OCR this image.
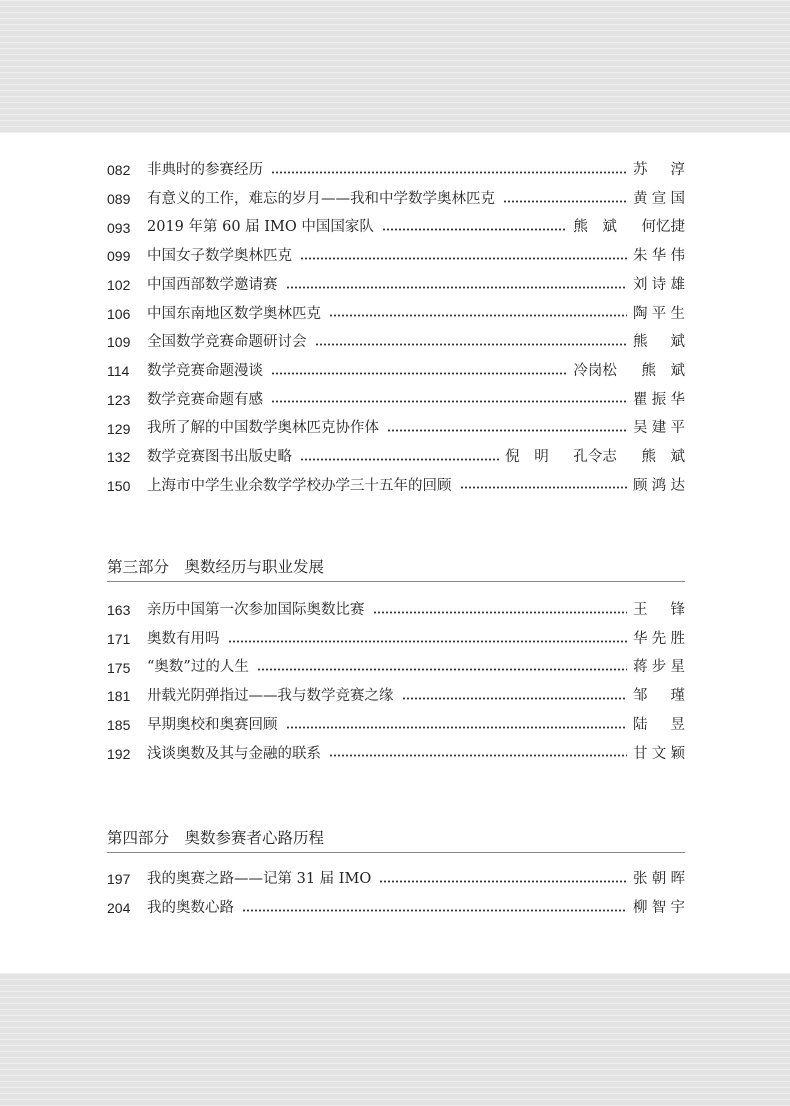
082	非典时的参赛经历	苏　淳
089	有意义的工作，难忘的岁月——我和中学数学奥林匹克	黄宣国
093	2019 年第 60 届 IMO 中国国家队	熊　斌 何忆捷
099	中国女子数学奥林匹克	朱华伟
102	中国西部数学邀请赛	刘诗雄
106	中国东南地区数学奥林匹克	陶平生
109	全国数学竞赛命题研讨会	熊　斌
114	数学竞赛命题漫谈	冷岗松 熊　斌
123	数学竞赛命题有感	瞿振华
129	我所了解的中国数学奥林匹克协作体	吴建平
132	数学竞赛图书出版史略	倪　明 孔令志 熊　斌
150	上海市中学生业余数学学校办学三十五年的回顾	顾鸿达
第三部分　奥数经历与职业发展
163	亲历中国第一次参加国际奥数比赛	王　锋
171	奥数有用吗	华先胜
175	“奥数”过的人生	蒋步星
181	卅载光阴弹指过——我与数学竞赛之缘	邹　瑾
185	早期奥校和奥赛回顾	陆　昱
192	浅谈奥数及其与金融的联系	甘文颖
第四部分　奥数参赛者心路历程
197	我的奥赛之路——记第 31 届 IMO	张朝晖
204	我的奥数心路	柳智宇
